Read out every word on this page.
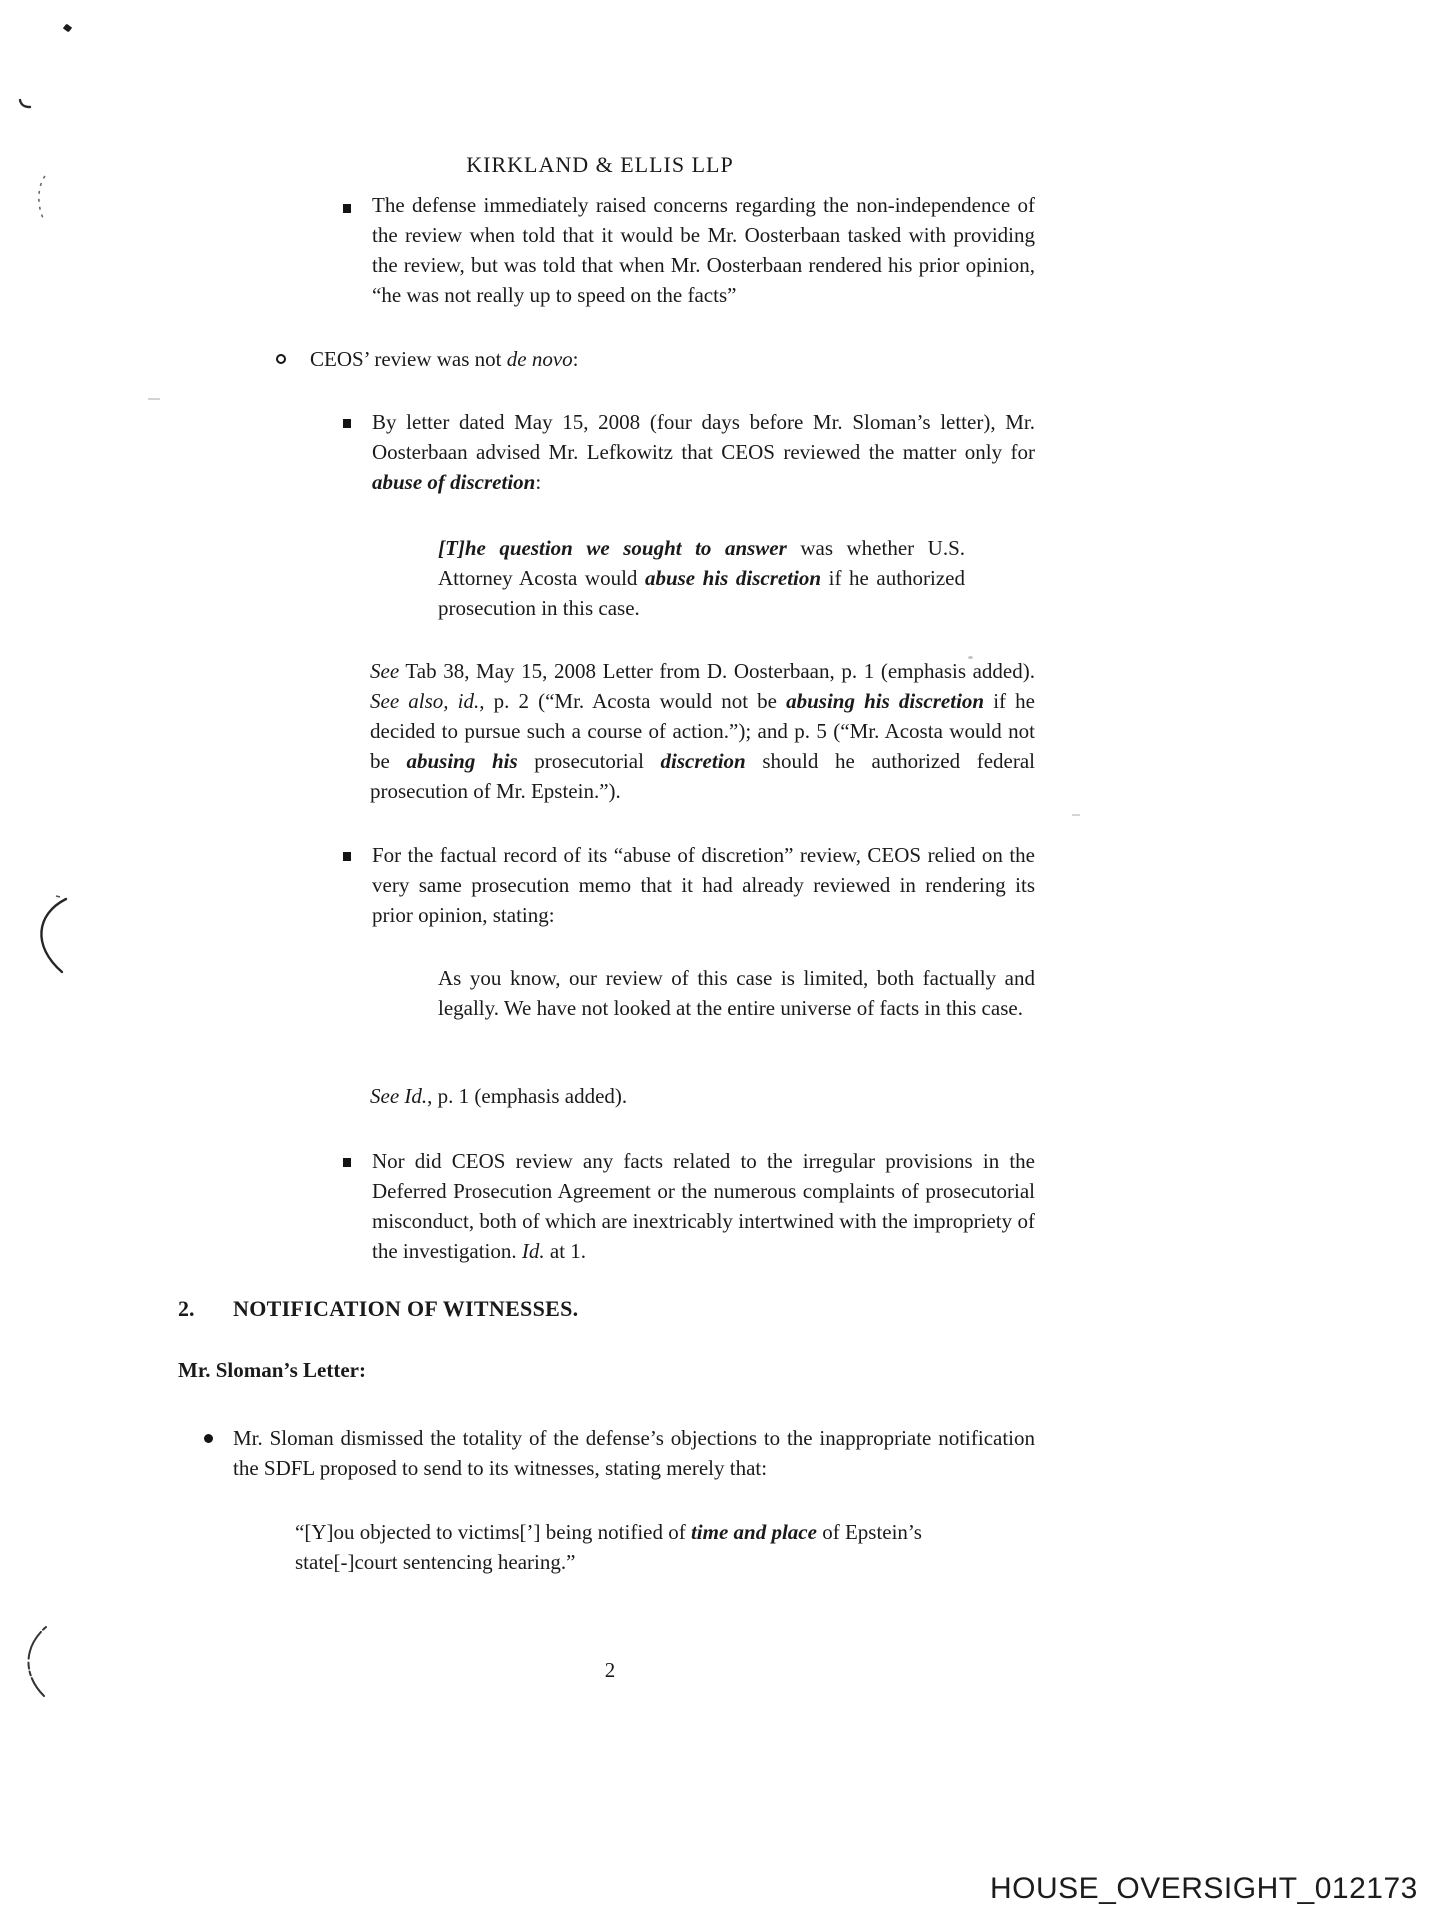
KIRKLAND & ELLIS LLP

The defense immediately raised concerns regarding the non-independence of the review when told that it would be Mr. Oosterbaan tasked with providing the review, but was told that when Mr. Oosterbaan rendered his prior opinion, “he was not really up to speed on the facts”

CEOS’ review was not de novo:

By letter dated May 15, 2008 (four days before Mr. Sloman’s letter), Mr. Oosterbaan advised Mr. Lefkowitz that CEOS reviewed the matter only for abuse of discretion:

[T]he question we sought to answer was whether U.S. Attorney Acosta would abuse his discretion if he authorized prosecution in this case.

See Tab 38, May 15, 2008 Letter from D. Oosterbaan, p. 1 (emphasis added). See also, id., p. 2 (“Mr. Acosta would not be abusing his discretion if he decided to pursue such a course of action.”); and p. 5 (“Mr. Acosta would not be abusing his prosecutorial discretion should he authorized federal prosecution of Mr. Epstein.”).

For the factual record of its “abuse of discretion” review, CEOS relied on the very same prosecution memo that it had already reviewed in rendering its prior opinion, stating:

As you know, our review of this case is limited, both factually and legally. We have not looked at the entire universe of facts in this case.

See Id., p. 1 (emphasis added).

Nor did CEOS review any facts related to the irregular provisions in the Deferred Prosecution Agreement or the numerous complaints of prosecutorial misconduct, both of which are inextricably intertwined with the impropriety of the investigation. Id. at 1.

2. NOTIFICATION OF WITNESSES.
Mr. Sloman’s Letter:

Mr. Sloman dismissed the totality of the defense’s objections to the inappropriate notification the SDFL proposed to send to its witnesses, stating merely that:

“[Y]ou objected to victims[’] being notified of time and place of Epstein’s state[-]court sentencing hearing.”

2
HOUSE_OVERSIGHT_012173
